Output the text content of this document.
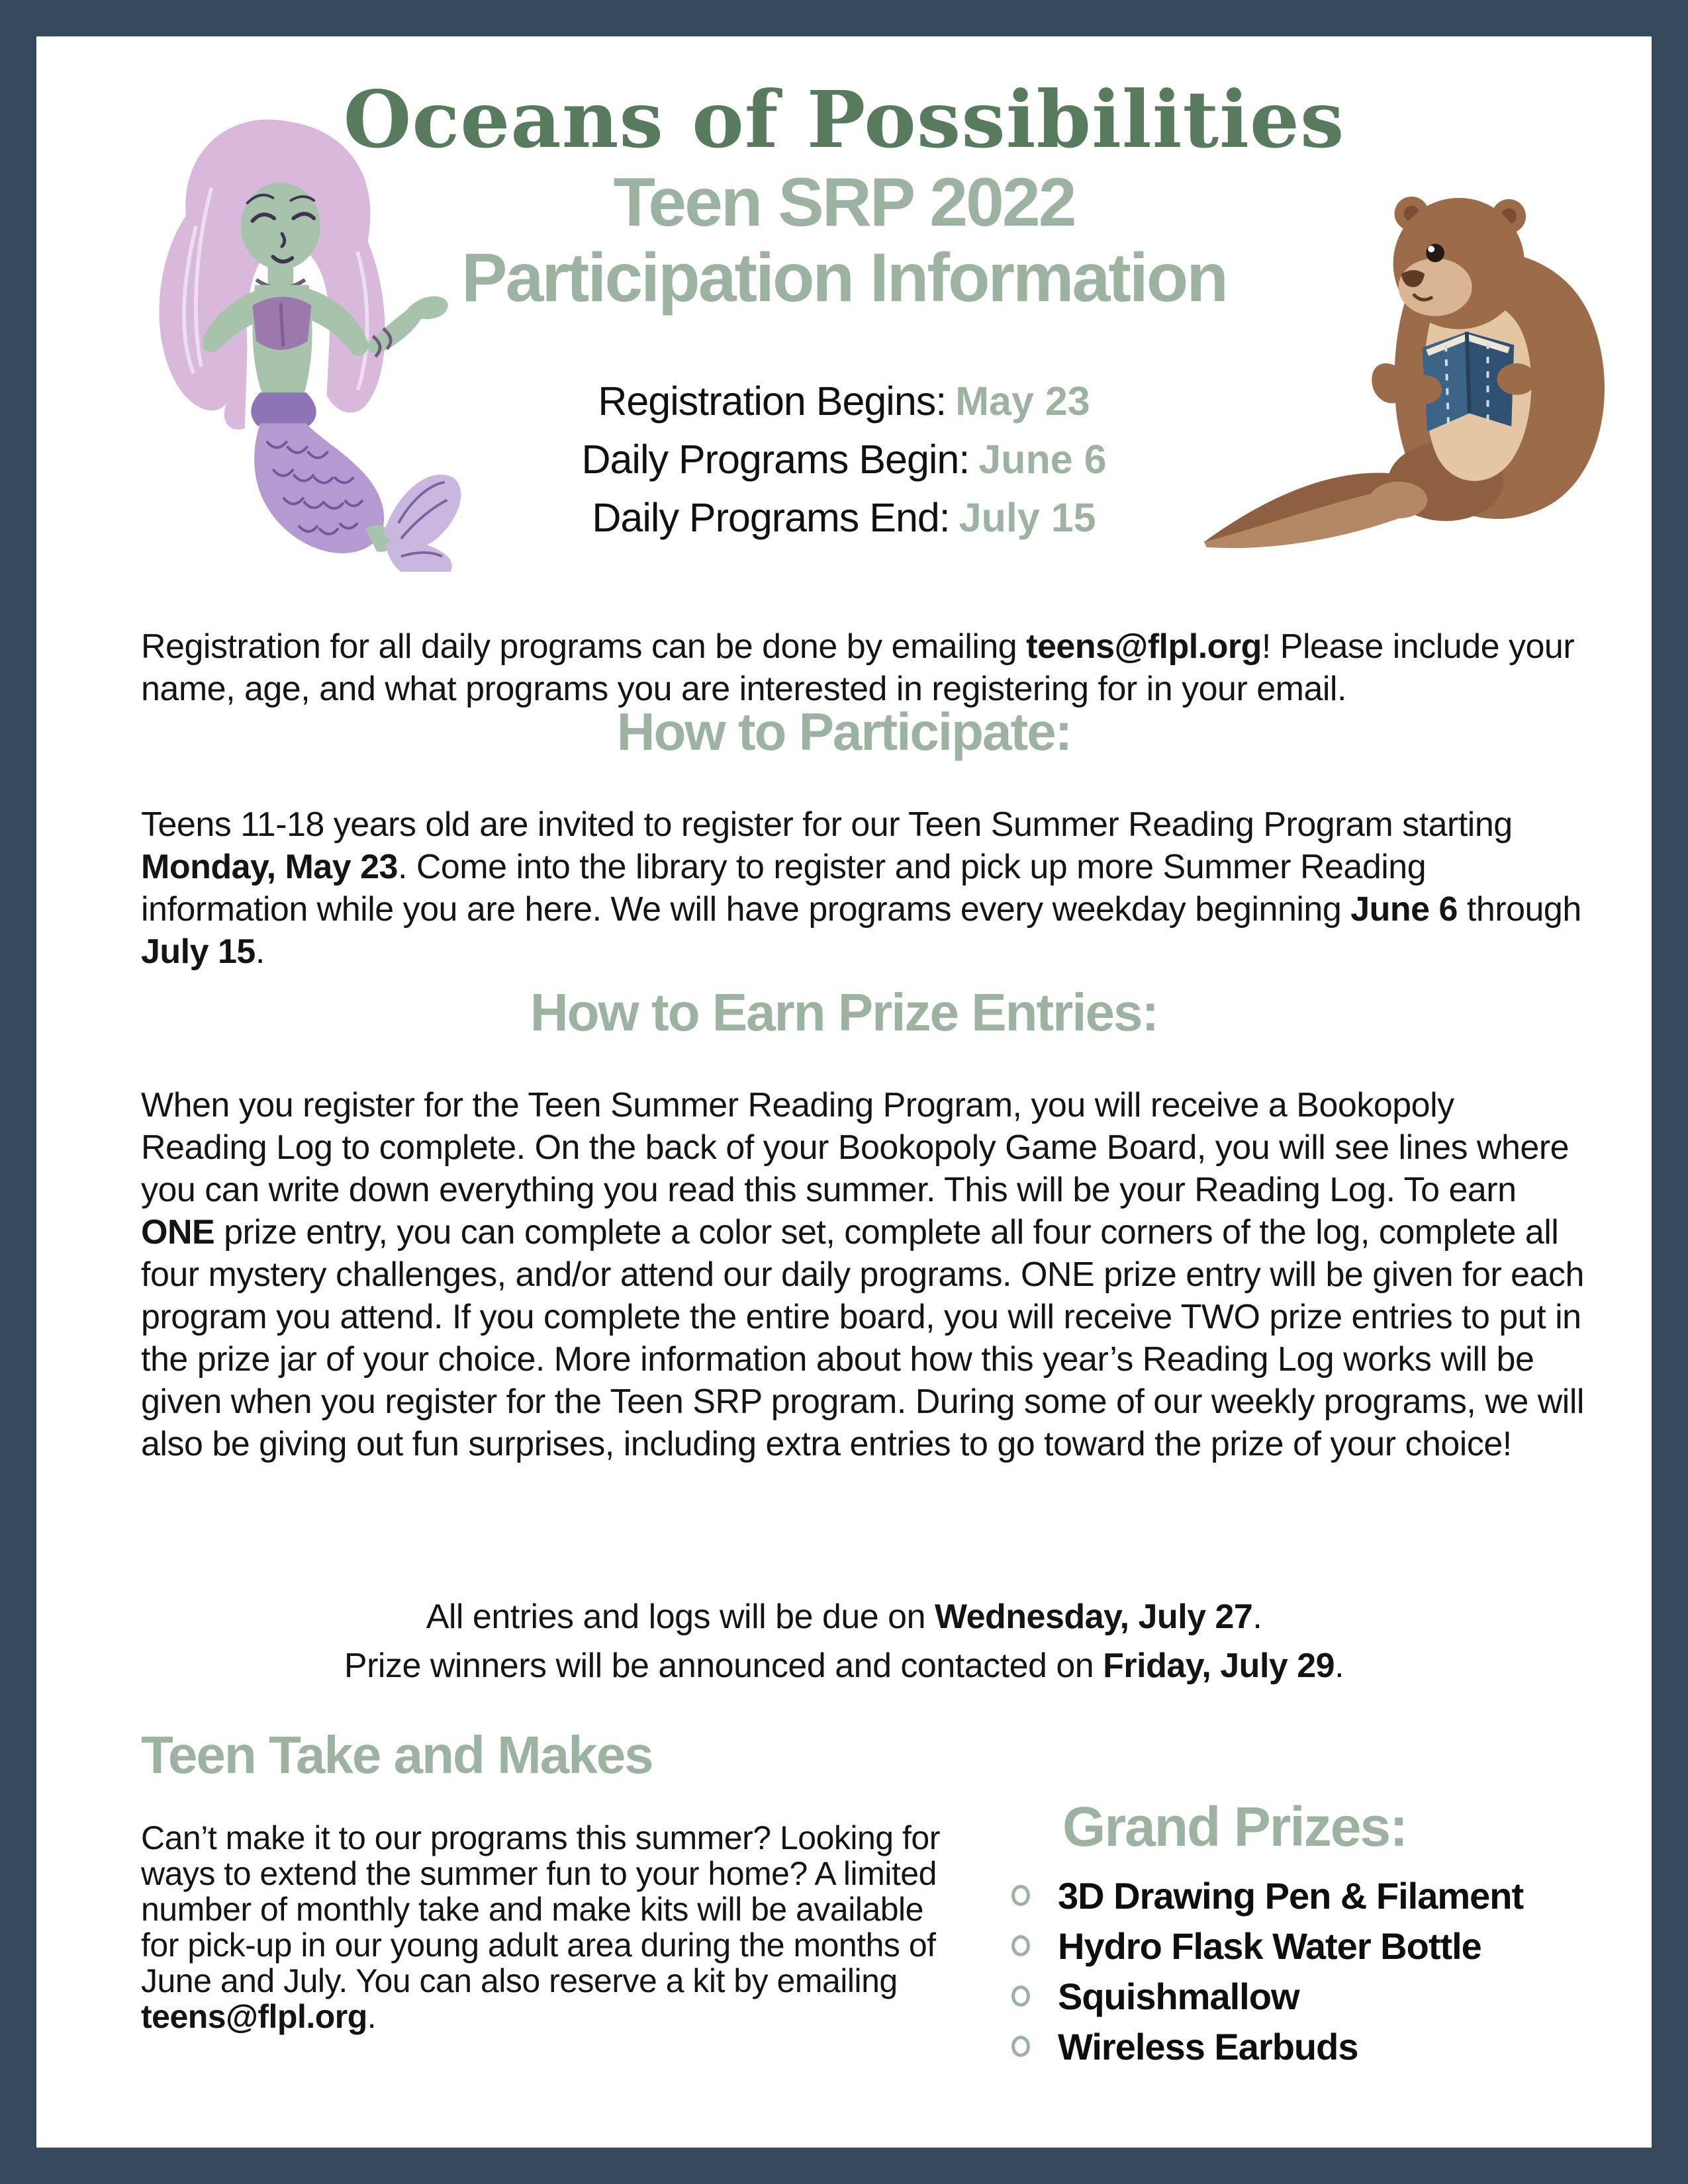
Oceans of Possibilities
Teen SRP 2022
Participation Information
Registration Begins: May 23
Daily Programs Begin: June 6
Daily Programs End: July 15

Registration for all daily programs can be done by emailing teens@flpl.org! Please include your name, age, and what programs you are interested in registering for in your email.

How to Participate:

Teens 11-18 years old are invited to register for our Teen Summer Reading Program starting Monday, May 23. Come into the library to register and pick up more Summer Reading information while you are here. We will have programs every weekday beginning June 6 through July 15.

How to Earn Prize Entries:

When you register for the Teen Summer Reading Program, you will receive a Bookopoly Reading Log to complete. On the back of your Bookopoly Game Board, you will see lines where you can write down everything you read this summer. This will be your Reading Log. To earn ONE prize entry, you can complete a color set, complete all four corners of the log, complete all four mystery challenges, and/or attend our daily programs. ONE prize entry will be given for each program you attend. If you complete the entire board, you will receive TWO prize entries to put in the prize jar of your choice. More information about how this year’s Reading Log works will be given when you register for the Teen SRP program. During some of our weekly programs, we will also be giving out fun surprises, including extra entries to go toward the prize of your choice!

All entries and logs will be due on Wednesday, July 27.
Prize winners will be announced and contacted on Friday, July 29.
Teen Take and Makes

Can’t make it to our programs this summer? Looking for ways to extend the summer fun to your home? A limited number of monthly take and make kits will be available for pick-up in our young adult area during the months of June and July. You can also reserve a kit by emailing teens@flpl.org.

Grand Prizes:
3D Drawing Pen & Filament
Hydro Flask Water Bottle
Squishmallow
Wireless Earbuds
